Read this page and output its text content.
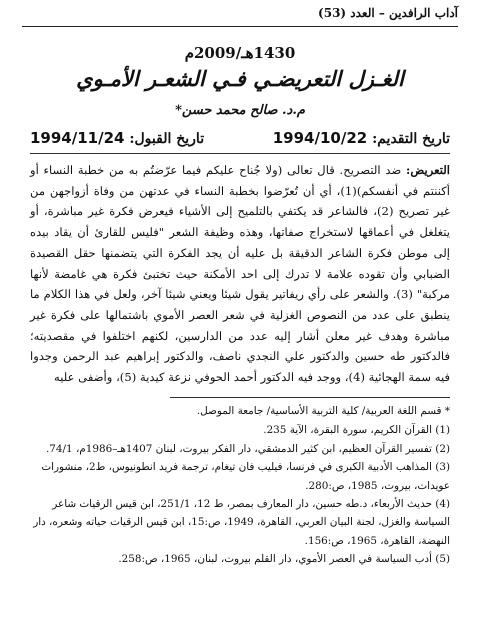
آداب الرافدين – العدد (53)
1430هـ/2009م
الغـزل التعريضـي فـي الشعـر الأمـوي
م.د. صالح محمد حسن*
تاريخ التقديم: 1994/10/22
تاريخ القبول: 1994/11/24
التعريض: ضد التصريح. قال تعالى (ولا جُناح عليكم فيما عرّضتُم به من خطبة النساء أو أكننتم في أنفسكم)(1)، أي أن تُعرّضوا بخطبة النساء في عدتهن من وفاة أزواجهن من غير تصريح (2)، فالشاعر قد يكتفي بالتلميح إلى الأشياء فيعرض فكرة غير مباشرة، أو يتغلغل في أعماقها لاستخراج صفاتها، وهذه وظيفة الشعر "فليس للقارئ أن يقاد بيده إلى موطن فكرة الشاعر الدقيقة بل عليه أن يجد الفكرة التي يتضمنها حقل القصيدة الضبابي وأن تقوده علامة لا تدرك إلى احد الأمكنة حيث تختبئ فكرة هي غامضة لأنها مركبة" (3). والشعر على رأي ريفاتير يقول شيئا ويعني شيئا آخر، ولعل في هذا الكلام ما ينطبق على عدد من النصوص الغزلية في شعر العصر الأموي باشتمالها على فكرة غير مباشرة وهدف غير معلن أشار إليه عدد من الدارسين، لكنهم اختلفوا في مقصديته؛ فالدكتور طه حسين والدكتور علي النجدي ناصف، والدكتور إبراهيم عبد الرحمن وجدوا فيه سمة الهجائية (4)، ووجد فيه الدكتور أحمد الحوفي نزعة كيدية (5)، وأضفى عليه

* قسم اللغة العربية/ كلية التربية الأساسية/ جامعة الموصل.

(1) القرآن الكريم، سورة البقرة، الآية 235.

(2) تفسير القرآن العظيم، ابن كثير الدمشقي، دار الفكر بيروت، لبنان 1407هـ–1986م، 74/1.

(3) المذاهب الأدبية الكبرى في فرنسا، فيليب فان تيغام، ترجمة فريد انطونيوس، ط2، منشورات عويدات، بيروت، 1985، ص:280.

(4) حديث الأربعاء، د.طه حسين، دار المعارف بمصر، ط 12، 251/1، ابن قيس الرقيات شاعر السياسة والغزل، لجنة البيان العربي، القاهرة، 1949، ص:15، ابن قيس الرقيات حياته وشعره، دار النهضة، القاهرة، 1965، ص:156.

(5) أدب السياسة في العصر الأموي، دار القلم بيروت، لبنان، 1965، ص:258.
